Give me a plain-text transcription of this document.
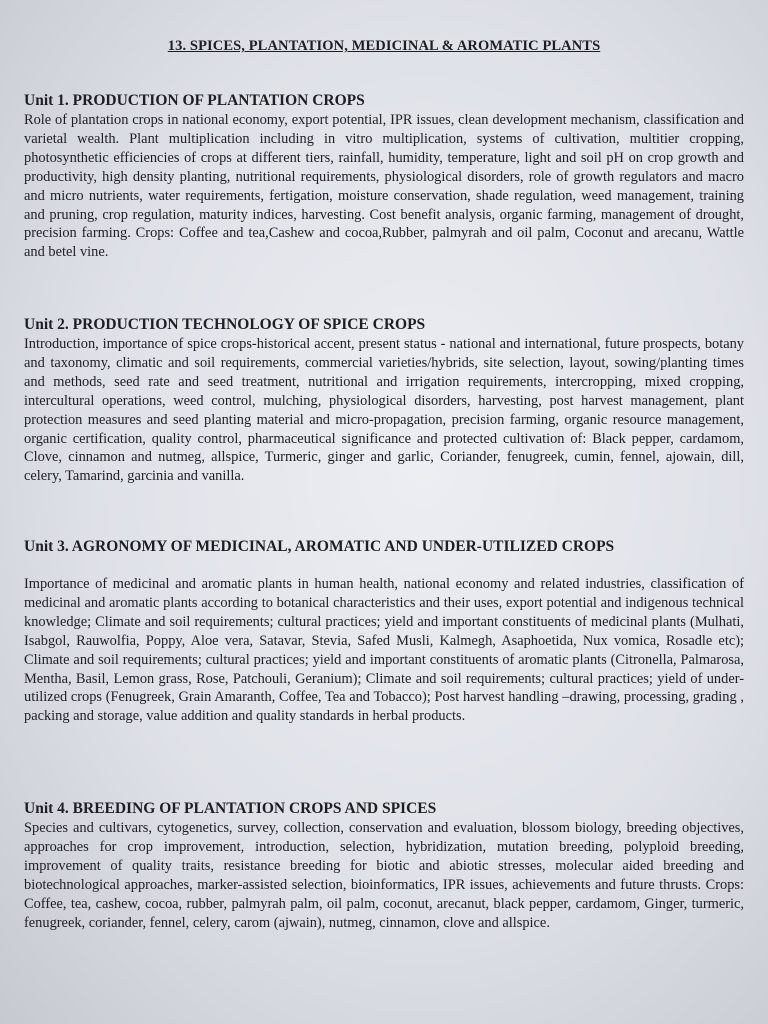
13. SPICES, PLANTATION, MEDICINAL & AROMATIC PLANTS
Unit 1. PRODUCTION OF PLANTATION CROPS

Role of plantation crops in national economy, export potential, IPR issues, clean development mechanism, classification and varietal wealth. Plant multiplication including in vitro multiplication, systems of cultivation, multitier cropping, photosynthetic efficiencies of crops at different tiers, rainfall, humidity, temperature, light and soil pH on crop growth and productivity, high density planting, nutritional requirements, physiological disorders, role of growth regulators and macro and micro nutrients, water requirements, fertigation, moisture conservation, shade regulation, weed management, training and pruning, crop regulation, maturity indices, harvesting. Cost benefit analysis, organic farming, management of drought, precision farming. Crops: Coffee and tea,Cashew and cocoa,Rubber, palmyrah and oil palm, Coconut and arecanu, Wattle and betel vine.

Unit 2. PRODUCTION TECHNOLOGY OF SPICE CROPS

Introduction, importance of spice crops-historical accent, present status - national and international, future prospects, botany and taxonomy, climatic and soil requirements, commercial varieties/hybrids, site selection, layout, sowing/planting times and methods, seed rate and seed treatment, nutritional and irrigation requirements, intercropping, mixed cropping, intercultural operations, weed control, mulching, physiological disorders, harvesting, post harvest management, plant protection measures and seed planting material and micro-propagation, precision farming, organic resource management, organic certification, quality control, pharmaceutical significance and protected cultivation of: Black pepper, cardamom, Clove, cinnamon and nutmeg, allspice, Turmeric, ginger and garlic, Coriander, fenugreek, cumin, fennel, ajowain, dill, celery, Tamarind, garcinia and vanilla.

Unit 3. AGRONOMY OF MEDICINAL, AROMATIC AND UNDER-UTILIZED CROPS

Importance of medicinal and aromatic plants in human health, national economy and related industries, classification of medicinal and aromatic plants according to botanical characteristics and their uses, export potential and indigenous technical knowledge; Climate and soil requirements; cultural practices; yield and important constituents of medicinal plants (Mulhati, Isabgol, Rauwolfia, Poppy, Aloe vera, Satavar, Stevia, Safed Musli, Kalmegh, Asaphoetida, Nux vomica, Rosadle etc); Climate and soil requirements; cultural practices; yield and important constituents of aromatic plants (Citronella, Palmarosa, Mentha, Basil, Lemon grass, Rose, Patchouli, Geranium); Climate and soil requirements; cultural practices; yield of under-utilized crops (Fenugreek, Grain Amaranth, Coffee, Tea and Tobacco); Post harvest handling –drawing, processing, grading , packing and storage, value addition and quality standards in herbal products.

Unit 4. BREEDING OF PLANTATION CROPS AND SPICES

Species and cultivars, cytogenetics, survey, collection, conservation and evaluation, blossom biology, breeding objectives, approaches for crop improvement, introduction, selection, hybridization, mutation breeding, polyploid breeding, improvement of quality traits, resistance breeding for biotic and abiotic stresses, molecular aided breeding and biotechnological approaches, marker-assisted selection, bioinformatics, IPR issues, achievements and future thrusts. Crops: Coffee, tea, cashew, cocoa, rubber, palmyrah palm, oil palm, coconut, arecanut, black pepper, cardamom, Ginger, turmeric, fenugreek, coriander, fennel, celery, carom (ajwain), nutmeg, cinnamon, clove and allspice.
